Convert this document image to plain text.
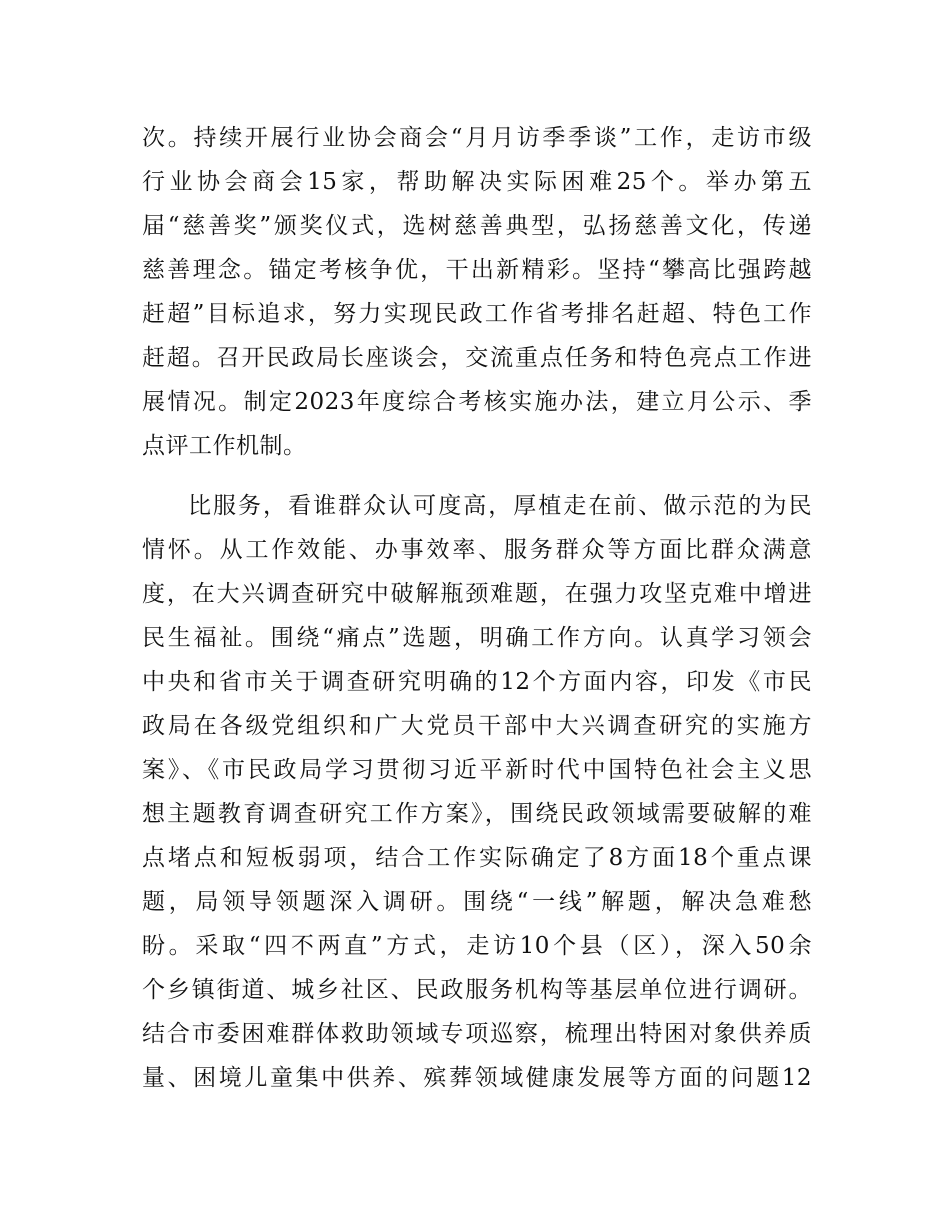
次。持续开展行业协会商会“月月访季季谈”工作，走访市级
行业协会商会15家，帮助解决实际困难25个。举办第五
届“慈善奖”颁奖仪式，选树慈善典型，弘扬慈善文化，传递
慈善理念。锚定考核争优，干出新精彩。坚持“攀高比强跨越
赶超”目标追求，努力实现民政工作省考排名赶超、特色工作
赶超。召开民政局长座谈会，交流重点任务和特色亮点工作进
展情况。制定2023年度综合考核实施办法，建立月公示、季
点评工作机制。
比服务，看谁群众认可度高，厚植走在前、做示范的为民
情怀。从工作效能、办事效率、服务群众等方面比群众满意
度，在大兴调查研究中破解瓶颈难题，在强力攻坚克难中增进
民生福祉。围绕“痛点”选题，明确工作方向。认真学习领会
中央和省市关于调查研究明确的12个方面内容，印发《市民
政局在各级党组织和广大党员干部中大兴调查研究的实施方
案》、《市民政局学习贯彻习近平新时代中国特色社会主义思
想主题教育调查研究工作方案》，围绕民政领域需要破解的难
点堵点和短板弱项，结合工作实际确定了8方面18个重点课
题，局领导领题深入调研。围绕“一线”解题，解决急难愁
盼。采取“四不两直”方式，走访10个县（区），深入50余
个乡镇街道、城乡社区、民政服务机构等基层单位进行调研。
结合市委困难群体救助领域专项巡察，梳理出特困对象供养质
量、困境儿童集中供养、殡葬领域健康发展等方面的问题12
